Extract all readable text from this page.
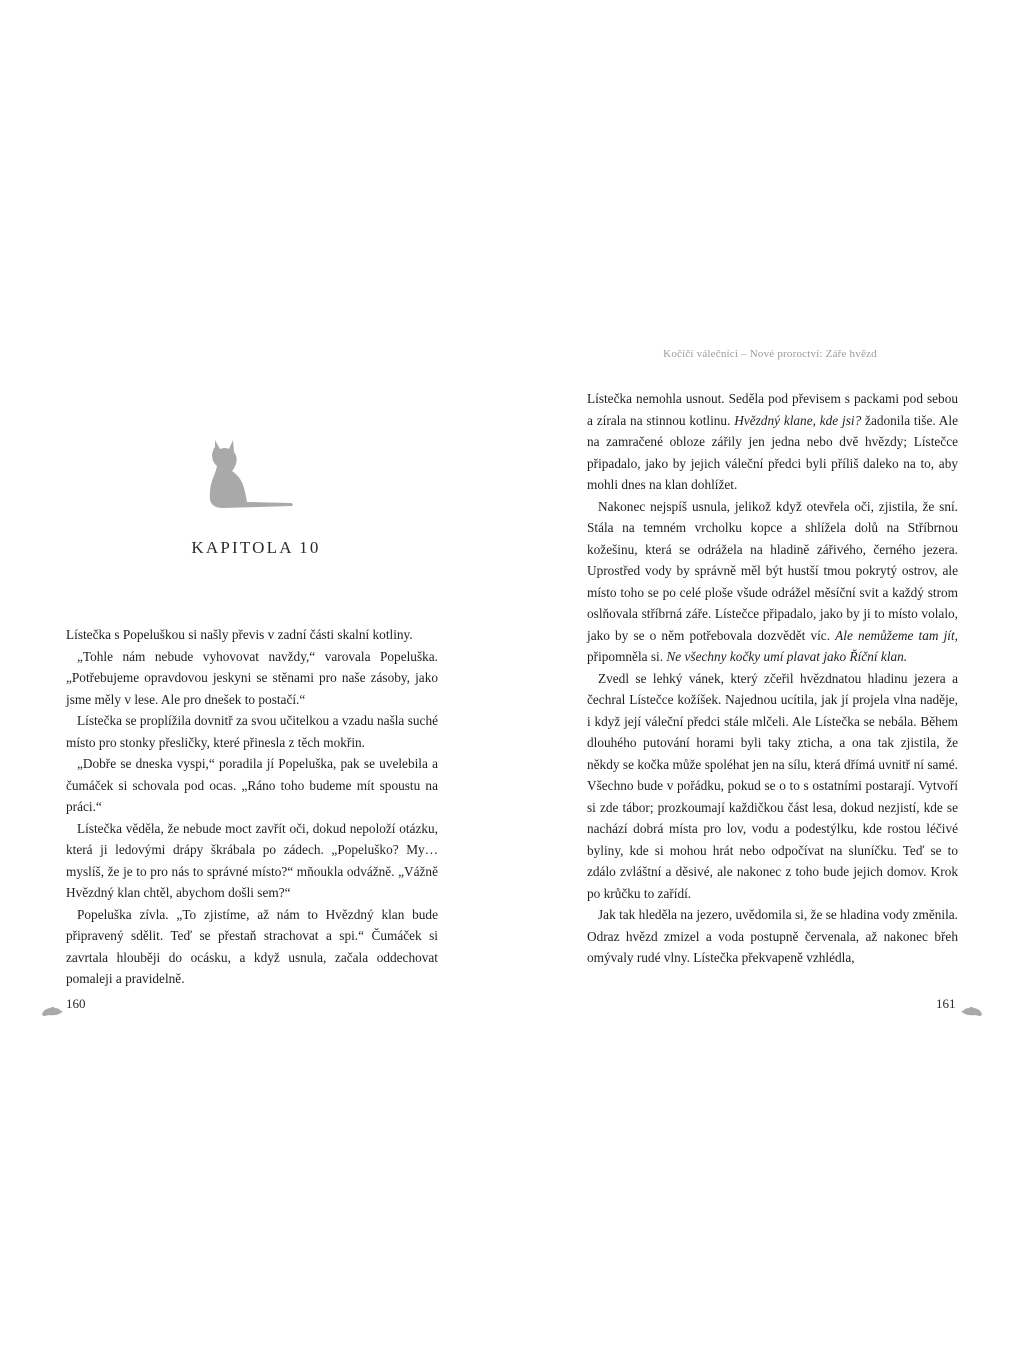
KAPITOLA 10

Lístečka s Popeluškou si našly převis v zadní části skalní kotliny.

„Tohle nám nebude vyhovovat navždy,“ varovala Popeluška. „Potřebujeme opravdovou jeskyni se stěnami pro naše zásoby, jako jsme měly v lese. Ale pro dnešek to postačí.“

Lístečka se proplížila dovnitř za svou učitelkou a vzadu našla suché místo pro stonky přesličky, které přinesla z těch mokřin.

„Dobře se dneska vyspi,“ poradila jí Popeluška, pak se uvelebila a čumáček si schovala pod ocas. „Ráno toho budeme mít spoustu na práci.“

Lístečka věděla, že nebude moct zavřít oči, dokud nepoloží otázku, která ji ledovými drápy škrábala po zádech. „Popeluško? My… myslíš, že je to pro nás to správné místo?“ mňoukla odvážně. „Vážně Hvězdný klan chtěl, abychom došli sem?“

Popeluška zívla. „To zjistíme, až nám to Hvězdný klan bude připravený sdělit. Teď se přestaň strachovat a spi.“ Čumáček si zavrtala hlouběji do ocásku, a když usnula, začala oddechovat pomaleji a pravidelně.

160
Kočičí válečníci – Nové proroctví: Záře hvězd

Lístečka nemohla usnout. Seděla pod převisem s packami pod sebou a zírala na stinnou kotlinu. Hvězdný klane, kde jsi? žadonila tiše. Ale na zamračené obloze zářily jen jedna nebo dvě hvězdy; Lístečce připadalo, jako by jejich váleční předci byli příliš daleko na to, aby mohli dnes na klan dohlížet.

Nakonec nejspíš usnula, jelikož když otevřela oči, zjistila, že sní. Stála na temném vrcholku kopce a shlížela dolů na Stříbrnou kožešinu, která se odrážela na hladině zářivého, černého jezera. Uprostřed vody by správně měl být hustší tmou pokrytý ostrov, ale místo toho se po celé ploše všude odrážel měsíční svit a každý strom oslňovala stříbrná záře. Lístečce připadalo, jako by ji to místo volalo, jako by se o něm potřebovala dozvědět víc. Ale nemůžeme tam jít, připomněla si. Ne všechny kočky umí plavat jako Říční klan.

Zvedl se lehký vánek, který zčeřil hvězdnatou hladinu jezera a čechral Lístečce kožíšek. Najednou ucítila, jak jí projela vlna naděje, i když její váleční předci stále mlčeli. Ale Lístečka se nebála. Během dlouhého putování horami byli taky zticha, a ona tak zjistila, že někdy se kočka může spoléhat jen na sílu, která dřímá uvnitř ní samé. Všechno bude v pořádku, pokud se o to s ostatními postarají. Vytvoří si zde tábor; prozkoumají každičkou část lesa, dokud nezjistí, kde se nachází dobrá místa pro lov, vodu a podestýlku, kde rostou léčivé byliny, kde si mohou hrát nebo odpočívat na sluníčku. Teď se to zdálo zvláštní a děsivé, ale nakonec z toho bude jejich domov. Krok po krůčku to zařídí.

Jak tak hleděla na jezero, uvědomila si, že se hladina vody změnila. Odraz hvězd zmizel a voda postupně červenala, až nakonec břeh omývaly rudé vlny. Lístečka překvapeně vzhlédla,

161
